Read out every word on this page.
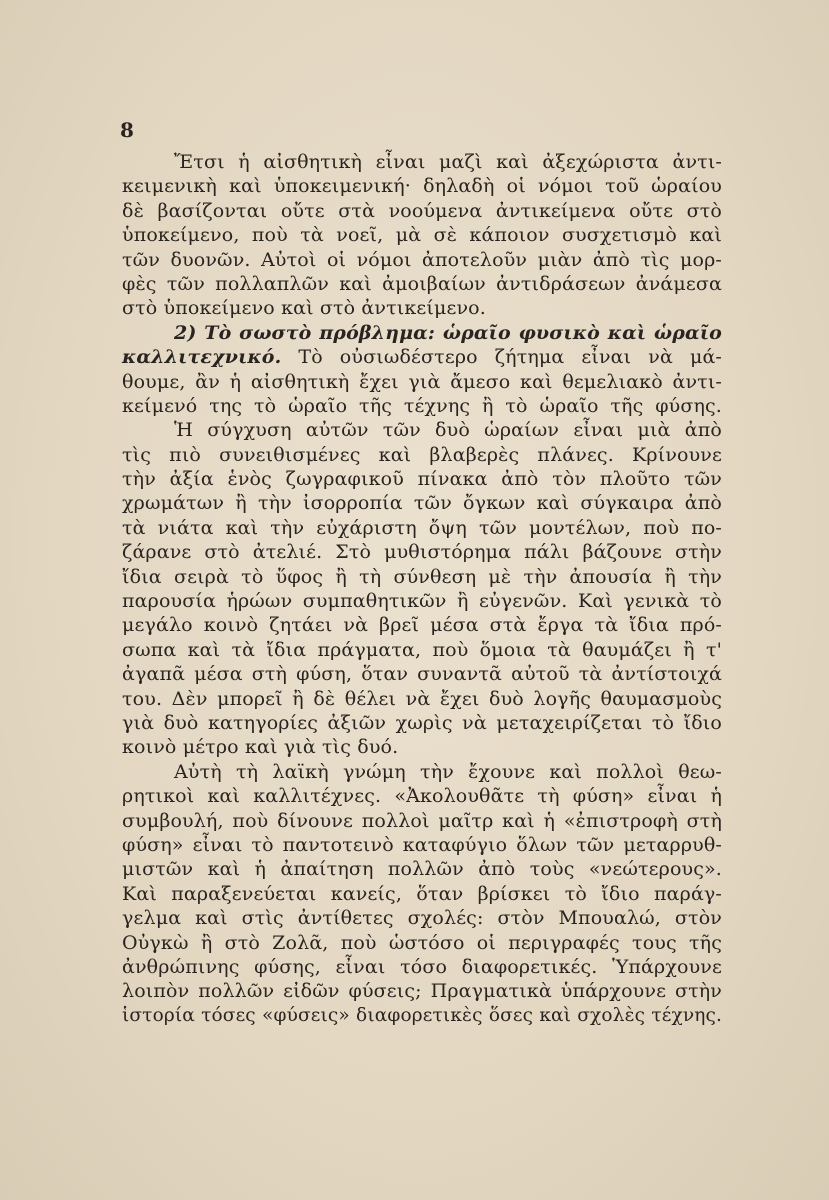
8
Ἔτσι ἡ αἰσθητικὴ εἶναι μαζὶ καὶ ἀξεχώριστα ἀντι-
κειμενικὴ καὶ ὑποκειμενική· δηλαδὴ οἱ νόμοι τοῦ ὡραίου
δὲ βασίζονται οὔτε στὰ νοούμενα ἀντικείμενα οὔτε στὸ
ὑποκείμενο, ποὺ τὰ νοεῖ, μὰ σὲ κάποιον συσχετισμὸ καὶ
τῶν δυονῶν. Αὐτοὶ οἱ νόμοι ἀποτελοῦν μιὰν ἀπὸ τὶς μορ-
φὲς τῶν πολλαπλῶν καὶ ἀμοιβαίων ἀντιδράσεων ἀνάμεσα
στὸ ὑποκείμενο καὶ στὸ ἀντικείμενο.
2) Τὸ σωστὸ πρόβλημα: ὡραῖο φυσικὸ καὶ ὡραῖο
καλλιτεχνικό. Τὸ οὐσιωδέστερο ζήτημα εἶναι νὰ μά-
θουμε, ἂν ἡ αἰσθητικὴ ἔχει γιὰ ἄμεσο καὶ θεμελιακὸ ἀντι-
κείμενό της τὸ ὡραῖο τῆς τέχνης ἢ τὸ ὡραῖο τῆς φύσης.
Ἡ σύγχυση αὐτῶν τῶν δυὸ ὡραίων εἶναι μιὰ ἀπὸ
τὶς πιὸ συνειθισμένες καὶ βλαβερὲς πλάνες. Κρίνουνε
τὴν ἀξία ἑνὸς ζωγραφικοῦ πίνακα ἀπὸ τὸν πλοῦτο τῶν
χρωμάτων ἢ τὴν ἰσορροπία τῶν ὄγκων καὶ σύγκαιρα ἀπὸ
τὰ νιάτα καὶ τὴν εὐχάριστη ὄψη τῶν μοντέλων, ποὺ πο-
ζάρανε στὸ ἀτελιέ. Στὸ μυθιστόρημα πάλι βάζουνε στὴν
ἴδια σειρὰ τὸ ὕφος ἢ τὴ σύνθεση μὲ τὴν ἀπουσία ἢ τὴν
παρουσία ἡρώων συμπαθητικῶν ἢ εὐγενῶν. Καὶ γενικὰ τὸ
μεγάλο κοινὸ ζητάει νὰ βρεῖ μέσα στὰ ἔργα τὰ ἴδια πρό-
σωπα καὶ τὰ ἴδια πράγματα, ποὺ ὅμοια τὰ θαυμάζει ἢ τ'
ἀγαπᾶ μέσα στὴ φύση, ὅταν συναντᾶ αὐτοῦ τὰ ἀντίστοιχά
του. Δὲν μπορεῖ ἢ δὲ θέλει νὰ ἔχει δυὸ λογῆς θαυμασμοὺς
γιὰ δυὸ κατηγορίες ἀξιῶν χωρὶς νὰ μεταχειρίζεται τὸ ἴδιο
κοινὸ μέτρο καὶ γιὰ τὶς δυό.
Αὐτὴ τὴ λαϊκὴ γνώμη τὴν ἔχουνε καὶ πολλοὶ θεω-
ρητικοὶ καὶ καλλιτέχνες. «Ἀκολουθᾶτε τὴ φύση» εἶναι ἡ
συμβουλή, ποὺ δίνουνε πολλοὶ μαῖτρ καὶ ἡ «ἐπιστροφὴ στὴ
φύση» εἶναι τὸ παντοτεινὸ καταφύγιο ὅλων τῶν μεταρρυθ-
μιστῶν καὶ ἡ ἀπαίτηση πολλῶν ἀπὸ τοὺς «νεώτερους».
Καὶ παραξενεύεται κανείς, ὅταν βρίσκει τὸ ἴδιο παράγ-
γελμα καὶ στὶς ἀντίθετες σχολές: στὸν Μπουαλώ, στὸν
Οὐγκὼ ἢ στὸ Ζολᾶ, ποὺ ὡστόσο οἱ περιγραφές τους τῆς
ἀνθρώπινης φύσης, εἶναι τόσο διαφορετικές. Ὑπάρχουνε
λοιπὸν πολλῶν εἰδῶν φύσεις; Πραγματικὰ ὑπάρχουνε στὴν
ἱστορία τόσες «φύσεις» διαφορετικὲς ὅσες καὶ σχολὲς τέχνης.
